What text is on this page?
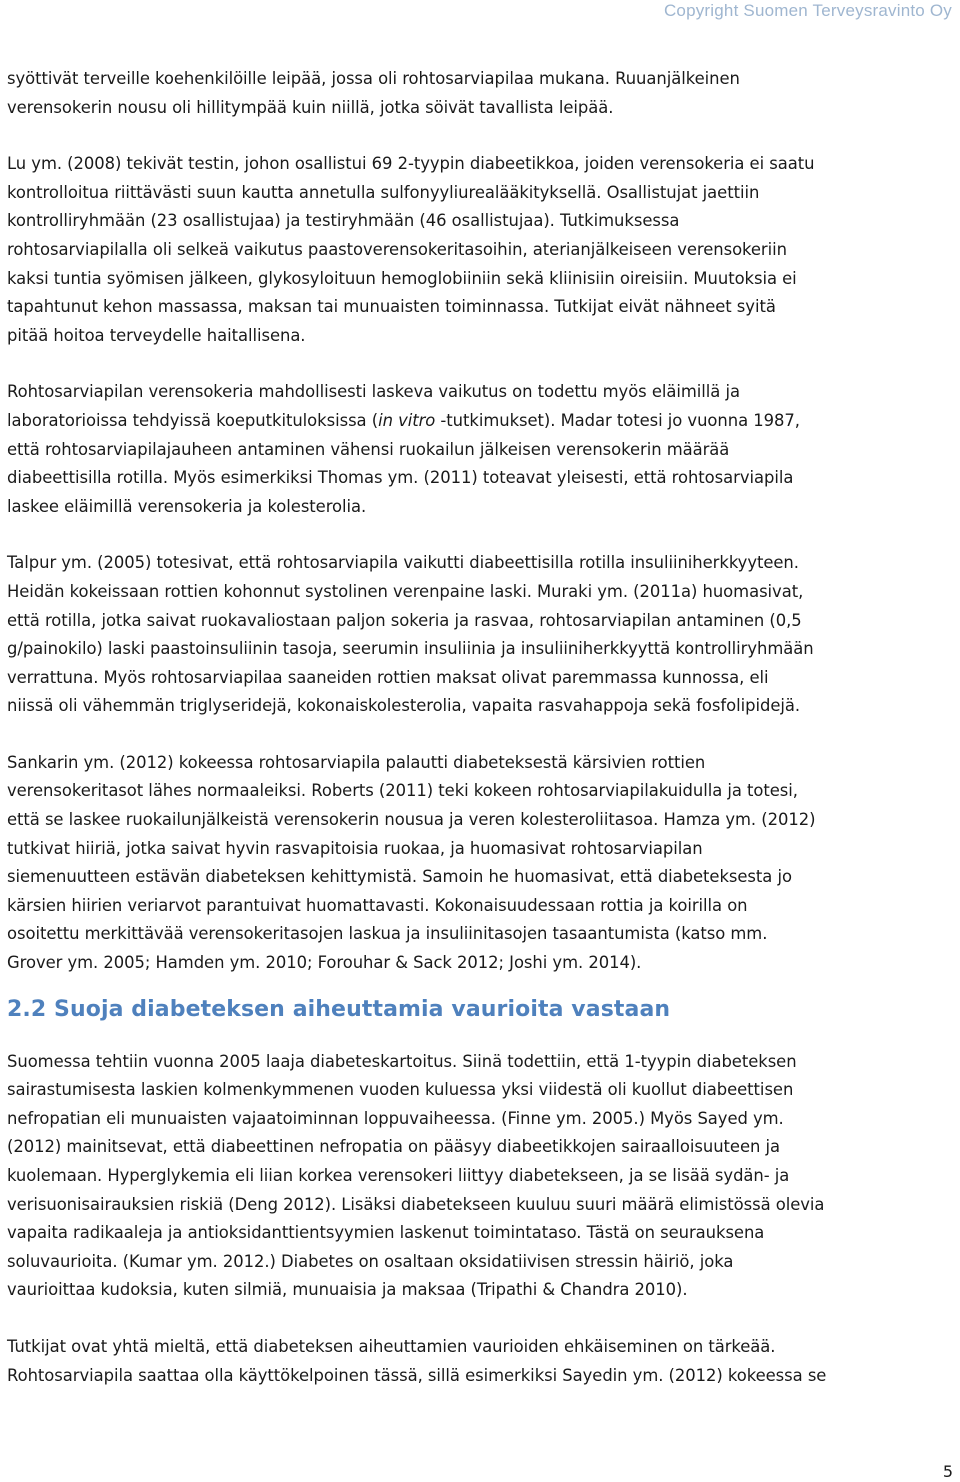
Copyright Suomen Terveysravinto Oy

syöttivät terveille koehenkilöille leipää, jossa oli rohtosarviapilaa mukana. Ruuanjälkeinen
verensokerin nousu oli hillitympää kuin niillä, jotka söivät tavallista leipää.

Lu ym. (2008) tekivät testin, johon osallistui 69 2-tyypin diabeetikkoa, joiden verensokeria ei saatu
kontrolloitua riittävästi suun kautta annetulla sulfonyyliurealääkityksellä. Osallistujat jaettiin
kontrolliryhmään (23 osallistujaa) ja testiryhmään (46 osallistujaa). Tutkimuksessa
rohtosarviapilalla oli selkeä vaikutus paastoverensokeritasoihin, aterianjälkeiseen verensokeriin
kaksi tuntia syömisen jälkeen, glykosyloituun hemoglobiiniin sekä kliinisiin oireisiin. Muutoksia ei
tapahtunut kehon massassa, maksan tai munuaisten toiminnassa. Tutkijat eivät nähneet syitä
pitää hoitoa terveydelle haitallisena.

Rohtosarviapilan verensokeria mahdollisesti laskeva vaikutus on todettu myös eläimillä ja
laboratorioissa tehdyissä koeputkituloksissa (in vitro -tutkimukset). Madar totesi jo vuonna 1987,
että rohtosarviapilajauheen antaminen vähensi ruokailun jälkeisen verensokerin määrää
diabeettisilla rotilla. Myös esimerkiksi Thomas ym. (2011) toteavat yleisesti, että rohtosarviapila
laskee eläimillä verensokeria ja kolesterolia.

Talpur ym. (2005) totesivat, että rohtosarviapila vaikutti diabeettisilla rotilla insuliiniherkkyyteen.
Heidän kokeissaan rottien kohonnut systolinen verenpaine laski. Muraki ym. (2011a) huomasivat,
että rotilla, jotka saivat ruokavaliostaan paljon sokeria ja rasvaa, rohtosarviapilan antaminen (0,5
g/painokilo) laski paastoinsuliinin tasoja, seerumin insuliinia ja insuliiniherkkyyttä kontrolliryhmään
verrattuna. Myös rohtosarviapilaa saaneiden rottien maksat olivat paremmassa kunnossa, eli
niissä oli vähemmän triglyseridejä, kokonaiskolesterolia, vapaita rasvahappoja sekä fosfolipidejä.

Sankarin ym. (2012) kokeessa rohtosarviapila palautti diabeteksestä kärsivien rottien
verensokeritasot lähes normaaleiksi. Roberts (2011) teki kokeen rohtosarviapilakuidulla ja totesi,
että se laskee ruokailunjälkeistä verensokerin nousua ja veren kolesteroliitasoa. Hamza ym. (2012)
tutkivat hiiriä, jotka saivat hyvin rasvapitoisia ruokaa, ja huomasivat rohtosarviapilan
siemenuutteen estävän diabeteksen kehittymistä. Samoin he huomasivat, että diabeteksesta jo
kärsien hiirien veriarvot parantuivat huomattavasti. Kokonaisuudessaan rottia ja koirilla on
osoitettu merkittävää verensokeritasojen laskua ja insuliinitasojen tasaantumista (katso mm.
Grover ym. 2005; Hamden ym. 2010; Forouhar & Sack 2012; Joshi ym. 2014).

2.2 Suoja diabeteksen aiheuttamia vaurioita vastaan

Suomessa tehtiin vuonna 2005 laaja diabeteskartoitus. Siinä todettiin, että 1-tyypin diabeteksen
sairastumisesta laskien kolmenkymmenen vuoden kuluessa yksi viidestä oli kuollut diabeettisen
nefropatian eli munuaisten vajaatoiminnan loppuvaiheessa. (Finne ym. 2005.) Myös Sayed ym.
(2012) mainitsevat, että diabeettinen nefropatia on pääsyy diabeetikkojen sairaalloisuuteen ja
kuolemaan. Hyperglykemia eli liian korkea verensokeri liittyy diabetekseen, ja se lisää sydän- ja
verisuonisairauksien riskiä (Deng 2012). Lisäksi diabetekseen kuuluu suuri määrä elimistössä olevia
vapaita radikaaleja ja antioksidanttientsyymien laskenut toimintataso. Tästä on seurauksena
soluvaurioita. (Kumar ym. 2012.) Diabetes on osaltaan oksidatiivisen stressin häiriö, joka
vaurioittaa kudoksia, kuten silmiä, munuaisia ja maksaa (Tripathi & Chandra 2010).

Tutkijat ovat yhtä mieltä, että diabeteksen aiheuttamien vaurioiden ehkäiseminen on tärkeää.
Rohtosarviapila saattaa olla käyttökelpoinen tässä, sillä esimerkiksi Sayedin ym. (2012) kokeessa se

5
